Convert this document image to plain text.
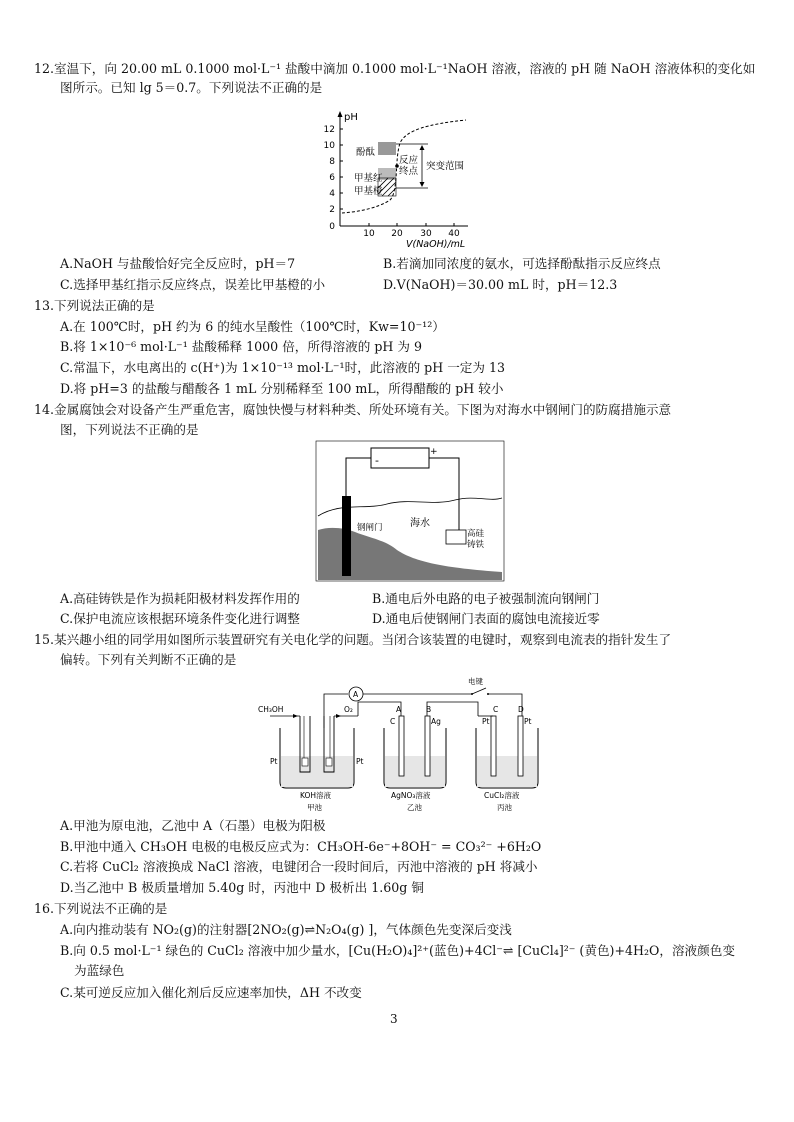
12.室温下，向 20.00 mL 0.1000 mol·L⁻¹ 盐酸中滴加 0.1000 mol·L⁻¹NaOH 溶液，溶液的 pH 随 NaOH 溶液体积的变化如
图所示。已知 lg 5＝0.7。下列说法不正确的是
pH
12
10
8
6
4
2
0
10 20 30 40
V(NaOH)/mL
酚酞
甲基红
甲基橙
反应
终点 突变范围
A.NaOH 与盐酸恰好完全反应时，pH＝7	B.若滴加同浓度的氨水，可选择酚酞指示反应终点
C.选择甲基红指示反应终点，误差比甲基橙的小	D.V(NaOH)＝30.00 mL 时，pH＝12.3
13.下列说法正确的是
A.在 100℃时，pH 约为 6 的纯水呈酸性（100℃时，Kw=10⁻¹²）
B.将 1×10⁻⁶ mol·L⁻¹ 盐酸稀释 1000 倍，所得溶液的 pH 为 9
C.常温下，水电离出的 c(H⁺)为 1×10⁻¹³ mol·L⁻¹时，此溶液的 pH 一定为 13
D.将 pH=3 的盐酸与醋酸各 1 mL 分别稀释至 100 mL，所得醋酸的 pH 较小
14.金属腐蚀会对设备产生严重危害，腐蚀快慢与材料种类、所处环境有关。下图为对海水中钢闸门的防腐措施示意
图，下列说法不正确的是
-
+
海水
钢闸门
高硅
铸铁
A.高硅铸铁是作为损耗阳极材料发挥作用的	B.通电后外电路的电子被强制流向钢闸门
C.保护电流应该根据环境条件变化进行调整	D.通电后使钢闸门表面的腐蚀电流接近零
15.某兴趣小组的同学用如图所示装置研究有关电化学的问题。当闭合该装置的电键时，观察到电流表的指针发生了
偏转。下列有关判断不正确的是
A
电键
CH₃OH	O₂
Pt	Pt
KOH溶液
甲池
A	B
C	Ag
AgNO₃溶液
乙池
C	D
Pt	Pt
CuCl₂溶液
丙池
A.甲池为原电池，乙池中 A（石墨）电极为阳极
B.甲池中通入 CH₃OH 电极的电极反应式为：CH₃OH-6e⁻+8OH⁻ = CO₃²⁻ +6H₂O
C.若将 CuCl₂ 溶液换成 NaCl 溶液，电键闭合一段时间后，丙池中溶液的 pH 将减小
D.当乙池中 B 极质量增加 5.40g 时，丙池中 D 极析出 1.60g 铜
16.下列说法不正确的是
A.向内推动装有 NO₂(g)的注射器[2NO₂(g)⇌N₂O₄(g) ]，气体颜色先变深后变浅
B.向 0.5 mol·L⁻¹ 绿色的 CuCl₂ 溶液中加少量水，[Cu(H₂O)₄]²⁺(蓝色)+4Cl⁻⇌ [CuCl₄]²⁻ (黄色)+4H₂O，溶液颜色变
为蓝绿色
C.某可逆反应加入催化剂后反应速率加快，ΔH 不改变
3
